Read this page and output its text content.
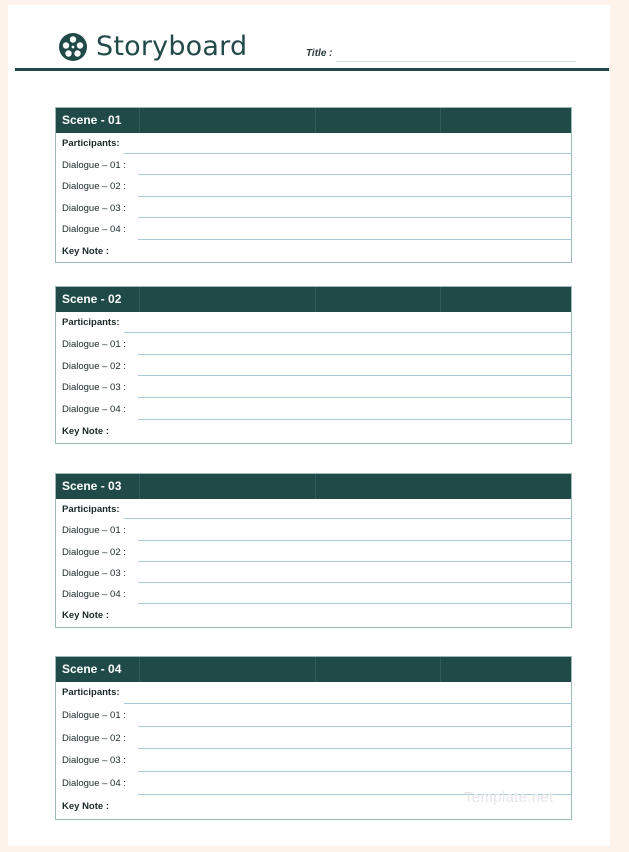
Storyboard	Title :
Scene - 01
Participants:
Dialogue – 01 :
Dialogue – 02 :
Dialogue – 03 :
Dialogue – 04 :
Key Note :
Scene - 02
Participants:
Dialogue – 01 :
Dialogue – 02 :
Dialogue – 03 :
Dialogue – 04 :
Key Note :
Scene - 03
Participants:
Dialogue – 01 :
Dialogue – 02 :
Dialogue – 03 :
Dialogue – 04 :
Key Note :
Scene - 04
Participants:
Dialogue – 01 :
Dialogue – 02 :
Dialogue – 03 :
Dialogue – 04 :
Key Note :
Template.net
